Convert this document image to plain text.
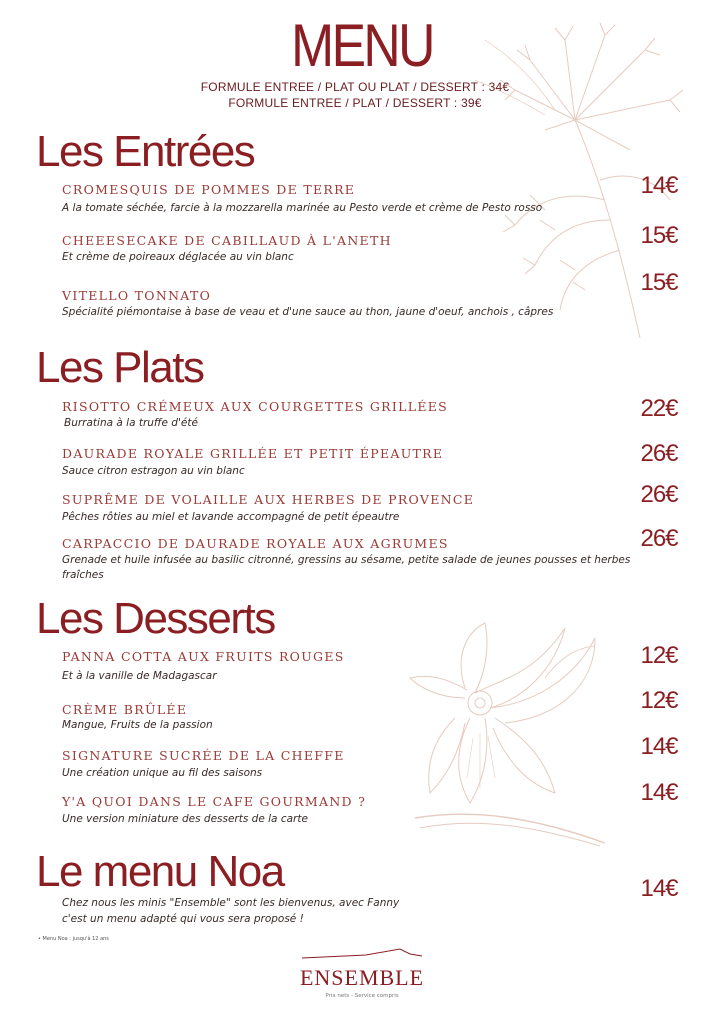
MENU
FORMULE ENTREE / PLAT OU PLAT / DESSERT : 34€
FORMULE ENTREE / PLAT / DESSERT : 39€
Les Entrées
CROMESQUIS DE POMMES DE TERRE
A la tomate séchée, farcie à la mozzarella marinée au Pesto verde et crème de Pesto rosso
14€
CHEEESECAKE DE CABILLAUD À L'ANETH
Et crème de poireaux déglacée au vin blanc
15€
VITELLO TONNATO
Spécialité piémontaise à base de veau et d'une sauce au thon, jaune d'oeuf, anchois , câpres
15€
Les Plats
RISOTTO CRÉMEUX AUX COURGETTES GRILLÉES
Burratina à la truffe d'été
22€
DAURADE ROYALE GRILLÉE ET PETIT ÉPEAUTRE
Sauce citron estragon au vin blanc
26€
SUPRÊME DE VOLAILLE AUX HERBES DE PROVENCE
Pêches rôties au miel et lavande accompagné de petit épeautre
26€
CARPACCIO DE DAURADE ROYALE AUX AGRUMES
Grenade et huile infusée au basilic citronné, gressins au sésame, petite salade de jeunes pousses et herbes
fraîches
26€
Les Desserts
PANNA COTTA AUX FRUITS ROUGES
Et à la vanille de Madagascar
12€
CRÈME BRÛLÉE
Mangue, Fruits de la passion
12€
SIGNATURE SUCRÉE DE LA CHEFFE
Une création unique au fil des saisons
14€
Y'A QUOI DANS LE CAFE GOURMAND ?
Une version miniature des desserts de la carte
14€
Le menu Noa
Chez nous les minis "Ensemble" sont les bienvenus, avec Fanny
c'est un menu adapté qui vous sera proposé !
14€
• Menu Noa : jusqu'à 12 ans
ENSEMBLE
Prix nets - Service compris
